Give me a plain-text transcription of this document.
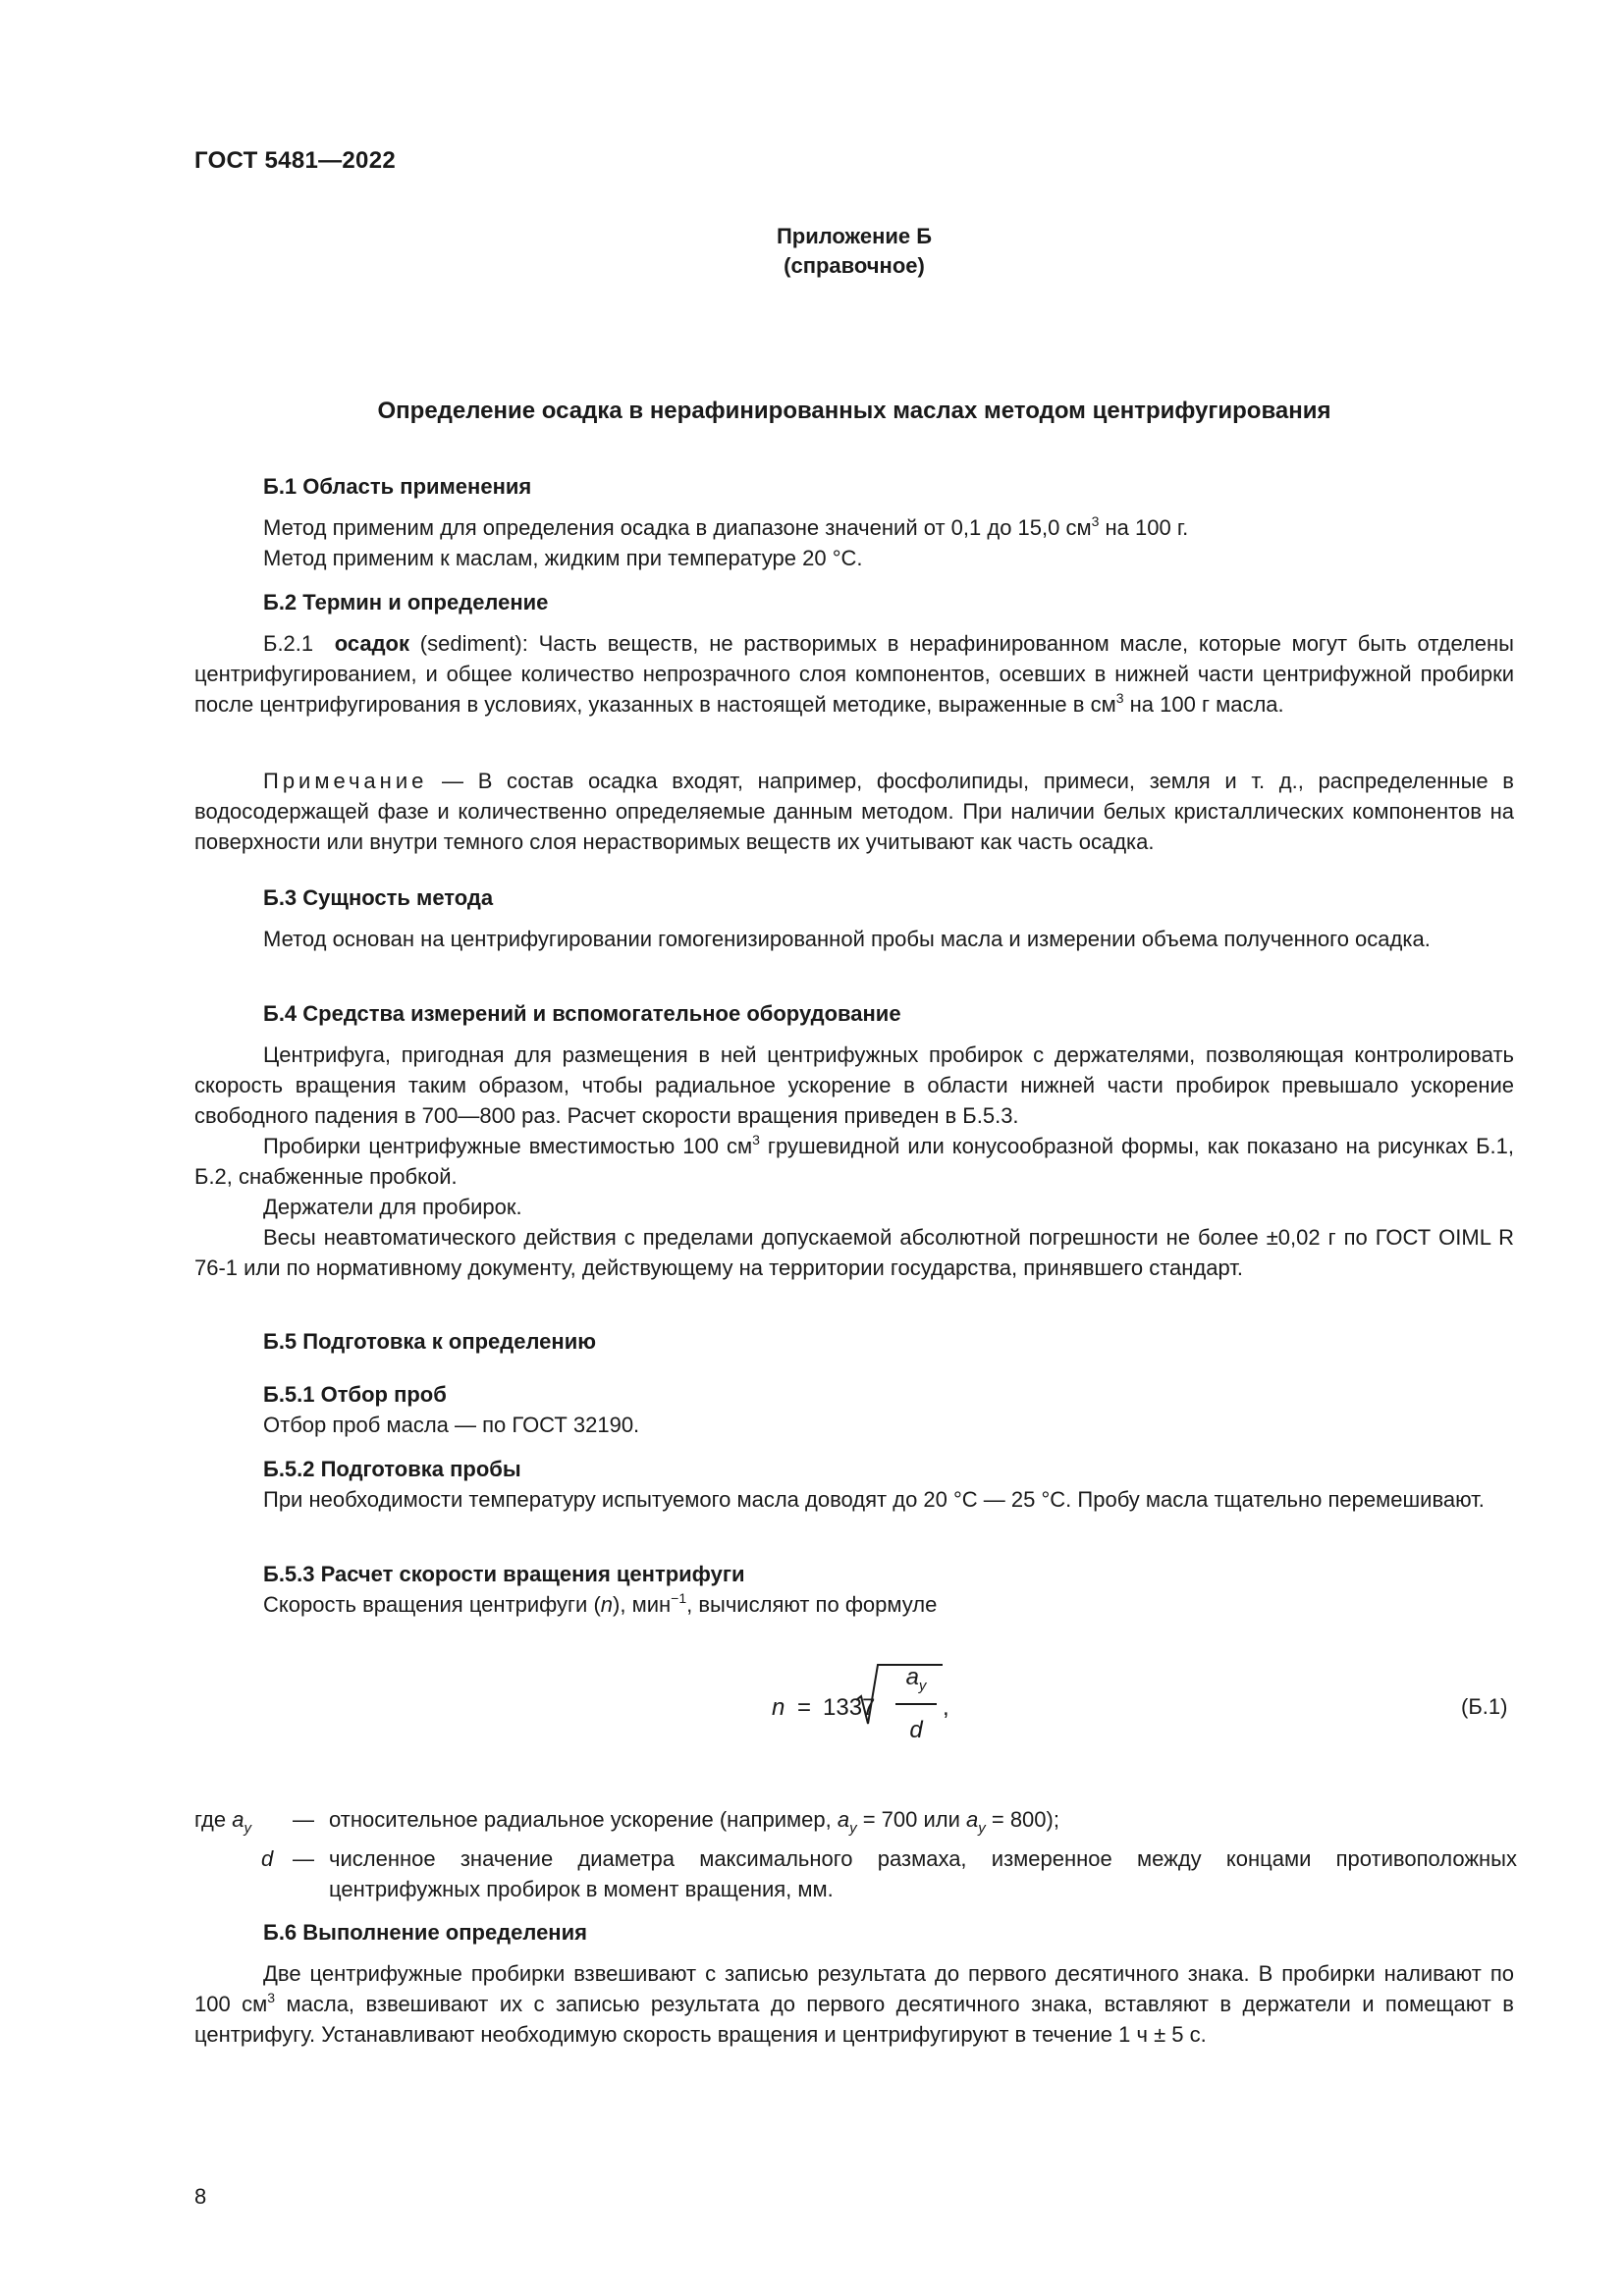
ГОСТ 5481—2022
Приложение Б
(справочное)
Определение осадка в нерафинированных маслах методом центрифугирования
Б.1 Область применения

Метод применим для определения осадка в диапазоне значений от 0,1 до 15,0 $см^3$ на 100 г.

Метод применим к маслам, жидким при температуре 20 °С.

Б.2 Термин и определение

Б.2.1 осадок (sediment): Часть веществ, не растворимых в нерафинированном масле, которые могут быть отделены центрифугированием, и общее количество непрозрачного слоя компонентов, осевших в нижней части центрифужной пробирки после центрифугирования в условиях, указанных в настоящей методике, выраженные в $см^3$ на 100 г масла.

Примечание — В состав осадка входят, например, фосфолипиды, примеси, земля и т. д., распределенные в водосодержащей фазе и количественно определяемые данным методом. При наличии белых кристаллических компонентов на поверхности или внутри темного слоя нерастворимых веществ их учитывают как часть осадка.

Б.3 Сущность метода

Метод основан на центрифугировании гомогенизированной пробы масла и измерении объема полученного осадка.

Б.4 Средства измерений и вспомогательное оборудование

Центрифуга, пригодная для размещения в ней центрифужных пробирок с держателями, позволяющая контролировать скорость вращения таким образом, чтобы радиальное ускорение в области нижней части пробирок превышало ускорение свободного падения в 700—800 раз. Расчет скорости вращения приведен в Б.5.3.

Пробирки центрифужные вместимостью 100 $см^3$ грушевидной или конусообразной формы, как показано на рисунках Б.1, Б.2, снабженные пробкой.

Держатели для пробирок.

Весы неавтоматического действия с пределами допускаемой абсолютной погрешности не более ±0,02 г по ГОСТ OIML R 76-1 или по нормативному документу, действующему на территории государства, принявшего стандарт.

Б.5 Подготовка к определению
Б.5.1 Отбор проб

Отбор проб масла — по ГОСТ 32190.

Б.5.2 Подготовка пробы

При необходимости температуру испытуемого масла доводят до 20 °С — 25 °С. Пробу масла тщательно перемешивают.

Б.5.3 Расчет скорости вращения центрифуги

Скорость вращения центрифуги (n), мин$^{-1}$, вычисляют по формуле

n = 1337
$a_y$
d
,	(Б.1)
где $a_y$ — относительное радиальное ускорение (например, $a_y = 700$ или $a_y = 800$);
d — численное значение диаметра максимального размаха, измеренное между концами противоположных центрифужных пробирок в момент вращения, мм.
Б.6 Выполнение определения

Две центрифужные пробирки взвешивают с записью результата до первого десятичного знака. В пробирки наливают по 100 $см^3$ масла, взвешивают их с записью результата до первого десятичного знака, вставляют в держатели и помещают в центрифугу. Устанавливают необходимую скорость вращения и центрифугируют в течение 1 ч ± 5 с.

8
